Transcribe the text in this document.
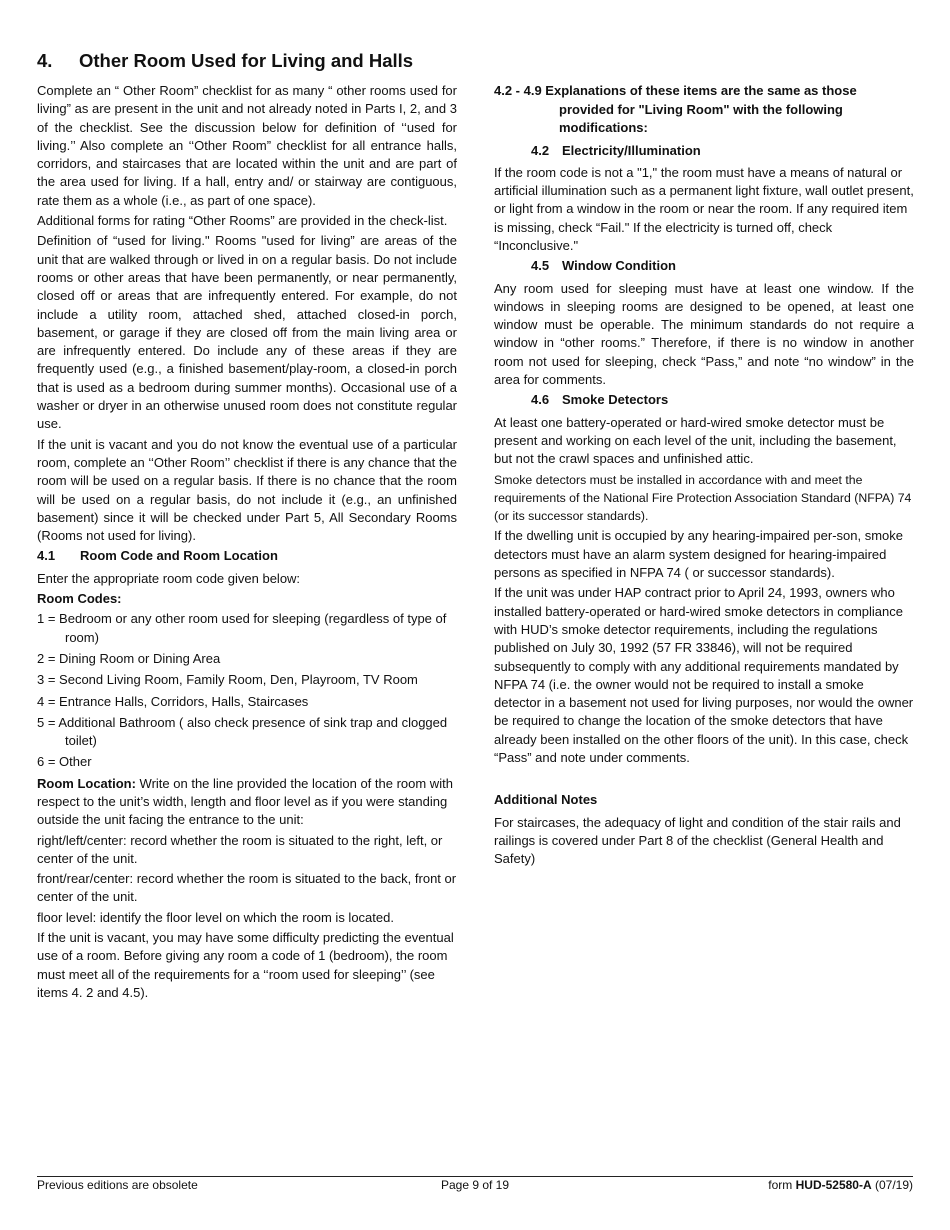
4. Other Room Used for Living and Halls

Complete an “ Other Room” checklist for as many “ other rooms used for living” as are present in the unit and not already noted in Parts I, 2, and 3 of the checklist. See the discussion below for definition of ‘‘used for living.’’ Also complete an ‘‘Other Room” checklist for all entrance halls, corridors, and staircases that are located within the unit and are part of the area used for living. If a hall, entry and/ or stairway are contiguous, rate them as a whole (i.e., as part of one space).

Additional forms for rating “Other Rooms” are provided in the check-list.

Definition of “used for living." Rooms "used for living” are areas of the unit that are walked through or lived in on a regular basis. Do not include rooms or other areas that have been permanently, or near permanently, closed off or areas that are infrequently entered. For example, do not include a utility room, attached shed, attached closed-in porch, basement, or garage if they are closed off from the main living area or are infrequently entered. Do include any of these areas if they are frequently used (e.g., a finished basement/play-room, a closed-in porch that is used as a bedroom during summer months). Occasional use of a washer or dryer in an otherwise unused room does not constitute regular use.

If the unit is vacant and you do not know the eventual use of a particular room, complete an ‘‘Other Room’’ checklist if there is any chance that the room will be used on a regular basis. If there is no chance that the room will be used on a regular basis, do not include it (e.g., an unfinished basement) since it will be checked under Part 5, All Secondary Rooms (Rooms not used for living).

4.1 Room Code and Room Location

Enter the appropriate room code given below:

Room Codes:
1 = Bedroom or any other room used for sleeping (regardless of type of room)
2 = Dining Room or Dining Area
3 = Second Living Room, Family Room, Den, Playroom, TV Room
4 = Entrance Halls, Corridors, Halls, Staircases
5 = Additional Bathroom ( also check presence of sink trap and clogged toilet)
6 = Other

Room Location: Write on the line provided the location of the room with respect to the unit’s width, length and floor level as if you were standing outside the unit facing the entrance to the unit:

right/left/center: record whether the room is situated to the right, left, or center of the unit.

front/rear/center: record whether the room is situated to the back, front or center of the unit.

floor level: identify the floor level on which the room is located.

If the unit is vacant, you may have some difficulty predicting the eventual use of a room. Before giving any room a code of 1 (bedroom), the room must meet all of the requirements for a ‘‘room used for sleeping’’ (see items 4. 2 and 4.5).

4.2 - 4.9 Explanations of these items are the same as those provided for "Living Room" with the following modifications:
4.2 Electricity/Illumination

If the room code is not a "1," the room must have a means of natural or artificial illumination such as a permanent light fixture, wall outlet present, or light from a window in the room or near the room. If any required item is missing, check “Fail." If the electricity is turned off, check “Inconclusive."

4.5 Window Condition

Any room used for sleeping must have at least one window. If the windows in sleeping rooms are designed to be opened, at least one window must be operable. The minimum standards do not require a window in “other rooms.” Therefore, if there is no window in another room not used for sleeping, check “Pass,” and note “no window” in the area for comments.

4.6 Smoke Detectors

At least one battery-operated or hard-wired smoke detector must be present and working on each level of the unit, including the basement, but not the crawl spaces and unfinished attic.

Smoke detectors must be installed in accordance with and meet the requirements of the National Fire Protection Association Standard (NFPA) 74 (or its successor standards).

If the dwelling unit is occupied by any hearing-impaired per-son, smoke detectors must have an alarm system designed for hearing-impaired persons as specified in NFPA 74 ( or successor standards).

If the unit was under HAP contract prior to April 24, 1993, owners who installed battery-operated or hard-wired smoke detectors in compliance with HUD’s smoke detector requirements, including the regulations published on July 30, 1992 (57 FR 33846), will not be required subsequently to comply with any additional requirements mandated by NFPA 74 (i.e. the owner would not be required to install a smoke detector in a basement not used for living purposes, nor would the owner be required to change the location of the smoke detectors that have already been installed on the other floors of the unit). In this case, check “Pass” and note under comments.

Additional Notes

For staircases, the adequacy of light and condition of the stair rails and railings is covered under Part 8 of the checklist (General Health and Safety)

Previous editions are obsolete	Page 9 of 19	form HUD-52580-A (07/19)
